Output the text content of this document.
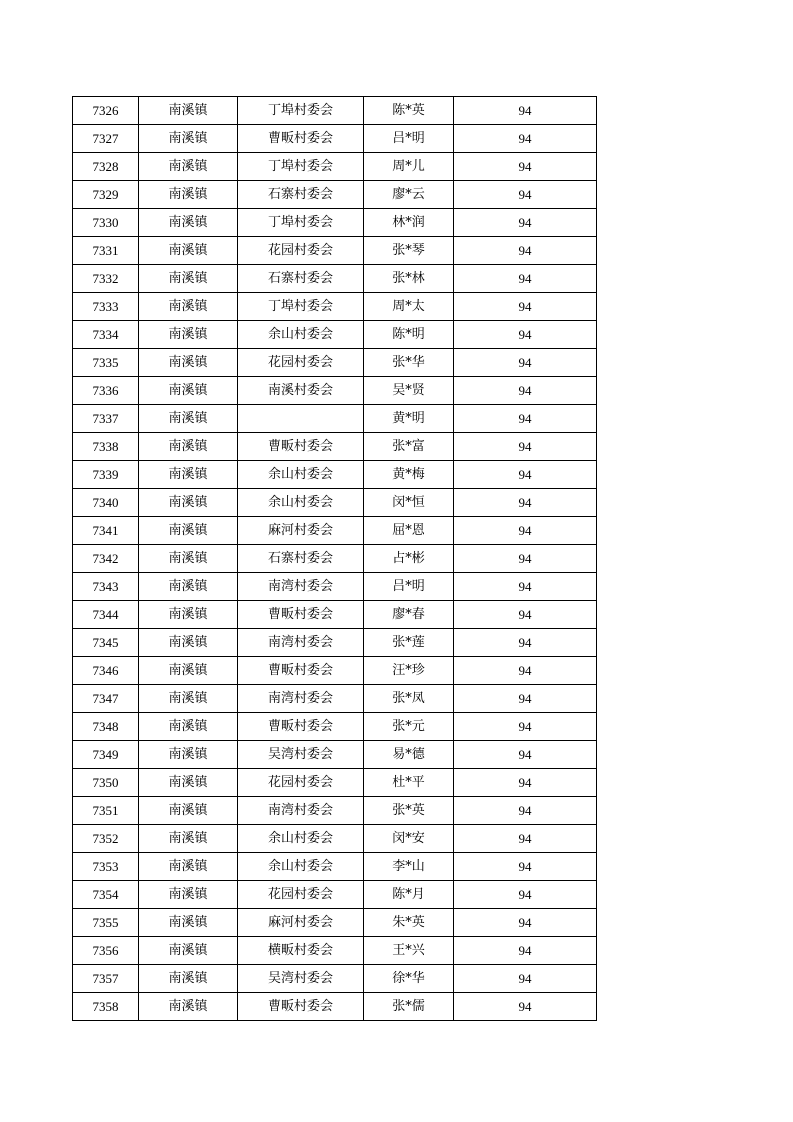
7326	南溪镇	丁埠村委会	陈*英	94
7327	南溪镇	曹畈村委会	吕*明	94
7328	南溪镇	丁埠村委会	周*儿	94
7329	南溪镇	石寨村委会	廖*云	94
7330	南溪镇	丁埠村委会	林*润	94
7331	南溪镇	花园村委会	张*琴	94
7332	南溪镇	石寨村委会	张*林	94
7333	南溪镇	丁埠村委会	周*太	94
7334	南溪镇	余山村委会	陈*明	94
7335	南溪镇	花园村委会	张*华	94
7336	南溪镇	南溪村委会	吴*贤	94
7337	南溪镇		黄*明	94
7338	南溪镇	曹畈村委会	张*富	94
7339	南溪镇	余山村委会	黄*梅	94
7340	南溪镇	余山村委会	闵*恒	94
7341	南溪镇	麻河村委会	屈*恩	94
7342	南溪镇	石寨村委会	占*彬	94
7343	南溪镇	南湾村委会	吕*明	94
7344	南溪镇	曹畈村委会	廖*春	94
7345	南溪镇	南湾村委会	张*莲	94
7346	南溪镇	曹畈村委会	汪*珍	94
7347	南溪镇	南湾村委会	张*凤	94
7348	南溪镇	曹畈村委会	张*元	94
7349	南溪镇	吴湾村委会	易*德	94
7350	南溪镇	花园村委会	杜*平	94
7351	南溪镇	南湾村委会	张*英	94
7352	南溪镇	余山村委会	闵*安	94
7353	南溪镇	余山村委会	李*山	94
7354	南溪镇	花园村委会	陈*月	94
7355	南溪镇	麻河村委会	朱*英	94
7356	南溪镇	横畈村委会	王*兴	94
7357	南溪镇	吴湾村委会	徐*华	94
7358	南溪镇	曹畈村委会	张*儒	94
